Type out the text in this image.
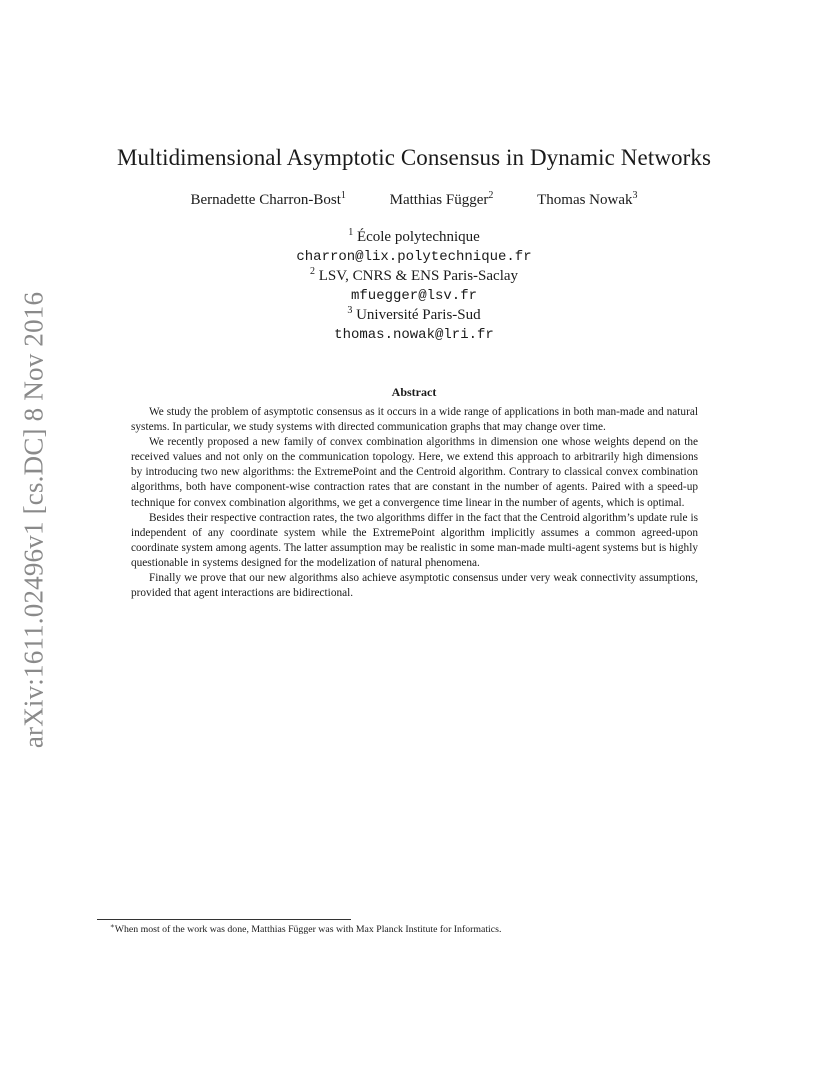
arXiv:1611.02496v1 [cs.DC] 8 Nov 2016
Multidimensional Asymptotic Consensus in Dynamic Networks
Bernadette Charron-Bost$^1$	Matthias Függer$^2$	Thomas Nowak$^3$
$^1$ École polytechnique
charron@lix.polytechnique.fr
$^2$ LSV, CNRS & ENS Paris-Saclay
mfuegger@lsv.fr
$^3$ Université Paris-Sud
thomas.nowak@lri.fr
Abstract

We study the problem of asymptotic consensus as it occurs in a wide range of applications in both man-made and natural systems. In particular, we study systems with directed communication graphs that may change over time.

We recently proposed a new family of convex combination algorithms in dimension one whose weights depend on the received values and not only on the communication topology. Here, we extend this approach to arbitrarily high dimensions by introducing two new algorithms: the ExtremePoint and the Centroid algorithm. Contrary to classical convex combination algorithms, both have component-wise contraction rates that are constant in the number of agents. Paired with a speed-up technique for convex combination algorithms, we get a convergence time linear in the number of agents, which is optimal.

Besides their respective contraction rates, the two algorithms differ in the fact that the Centroid algorithm’s update rule is independent of any coordinate system while the ExtremePoint algorithm implicitly assumes a common agreed-upon coordinate system among agents. The latter assumption may be realistic in some man-made multi-agent systems but is highly questionable in systems designed for the modelization of natural phenomena.

Finally we prove that our new algorithms also achieve asymptotic consensus under very weak connectivity assumptions, provided that agent interactions are bidirectional.

∗When most of the work was done, Matthias Függer was with Max Planck Institute for Informatics.
